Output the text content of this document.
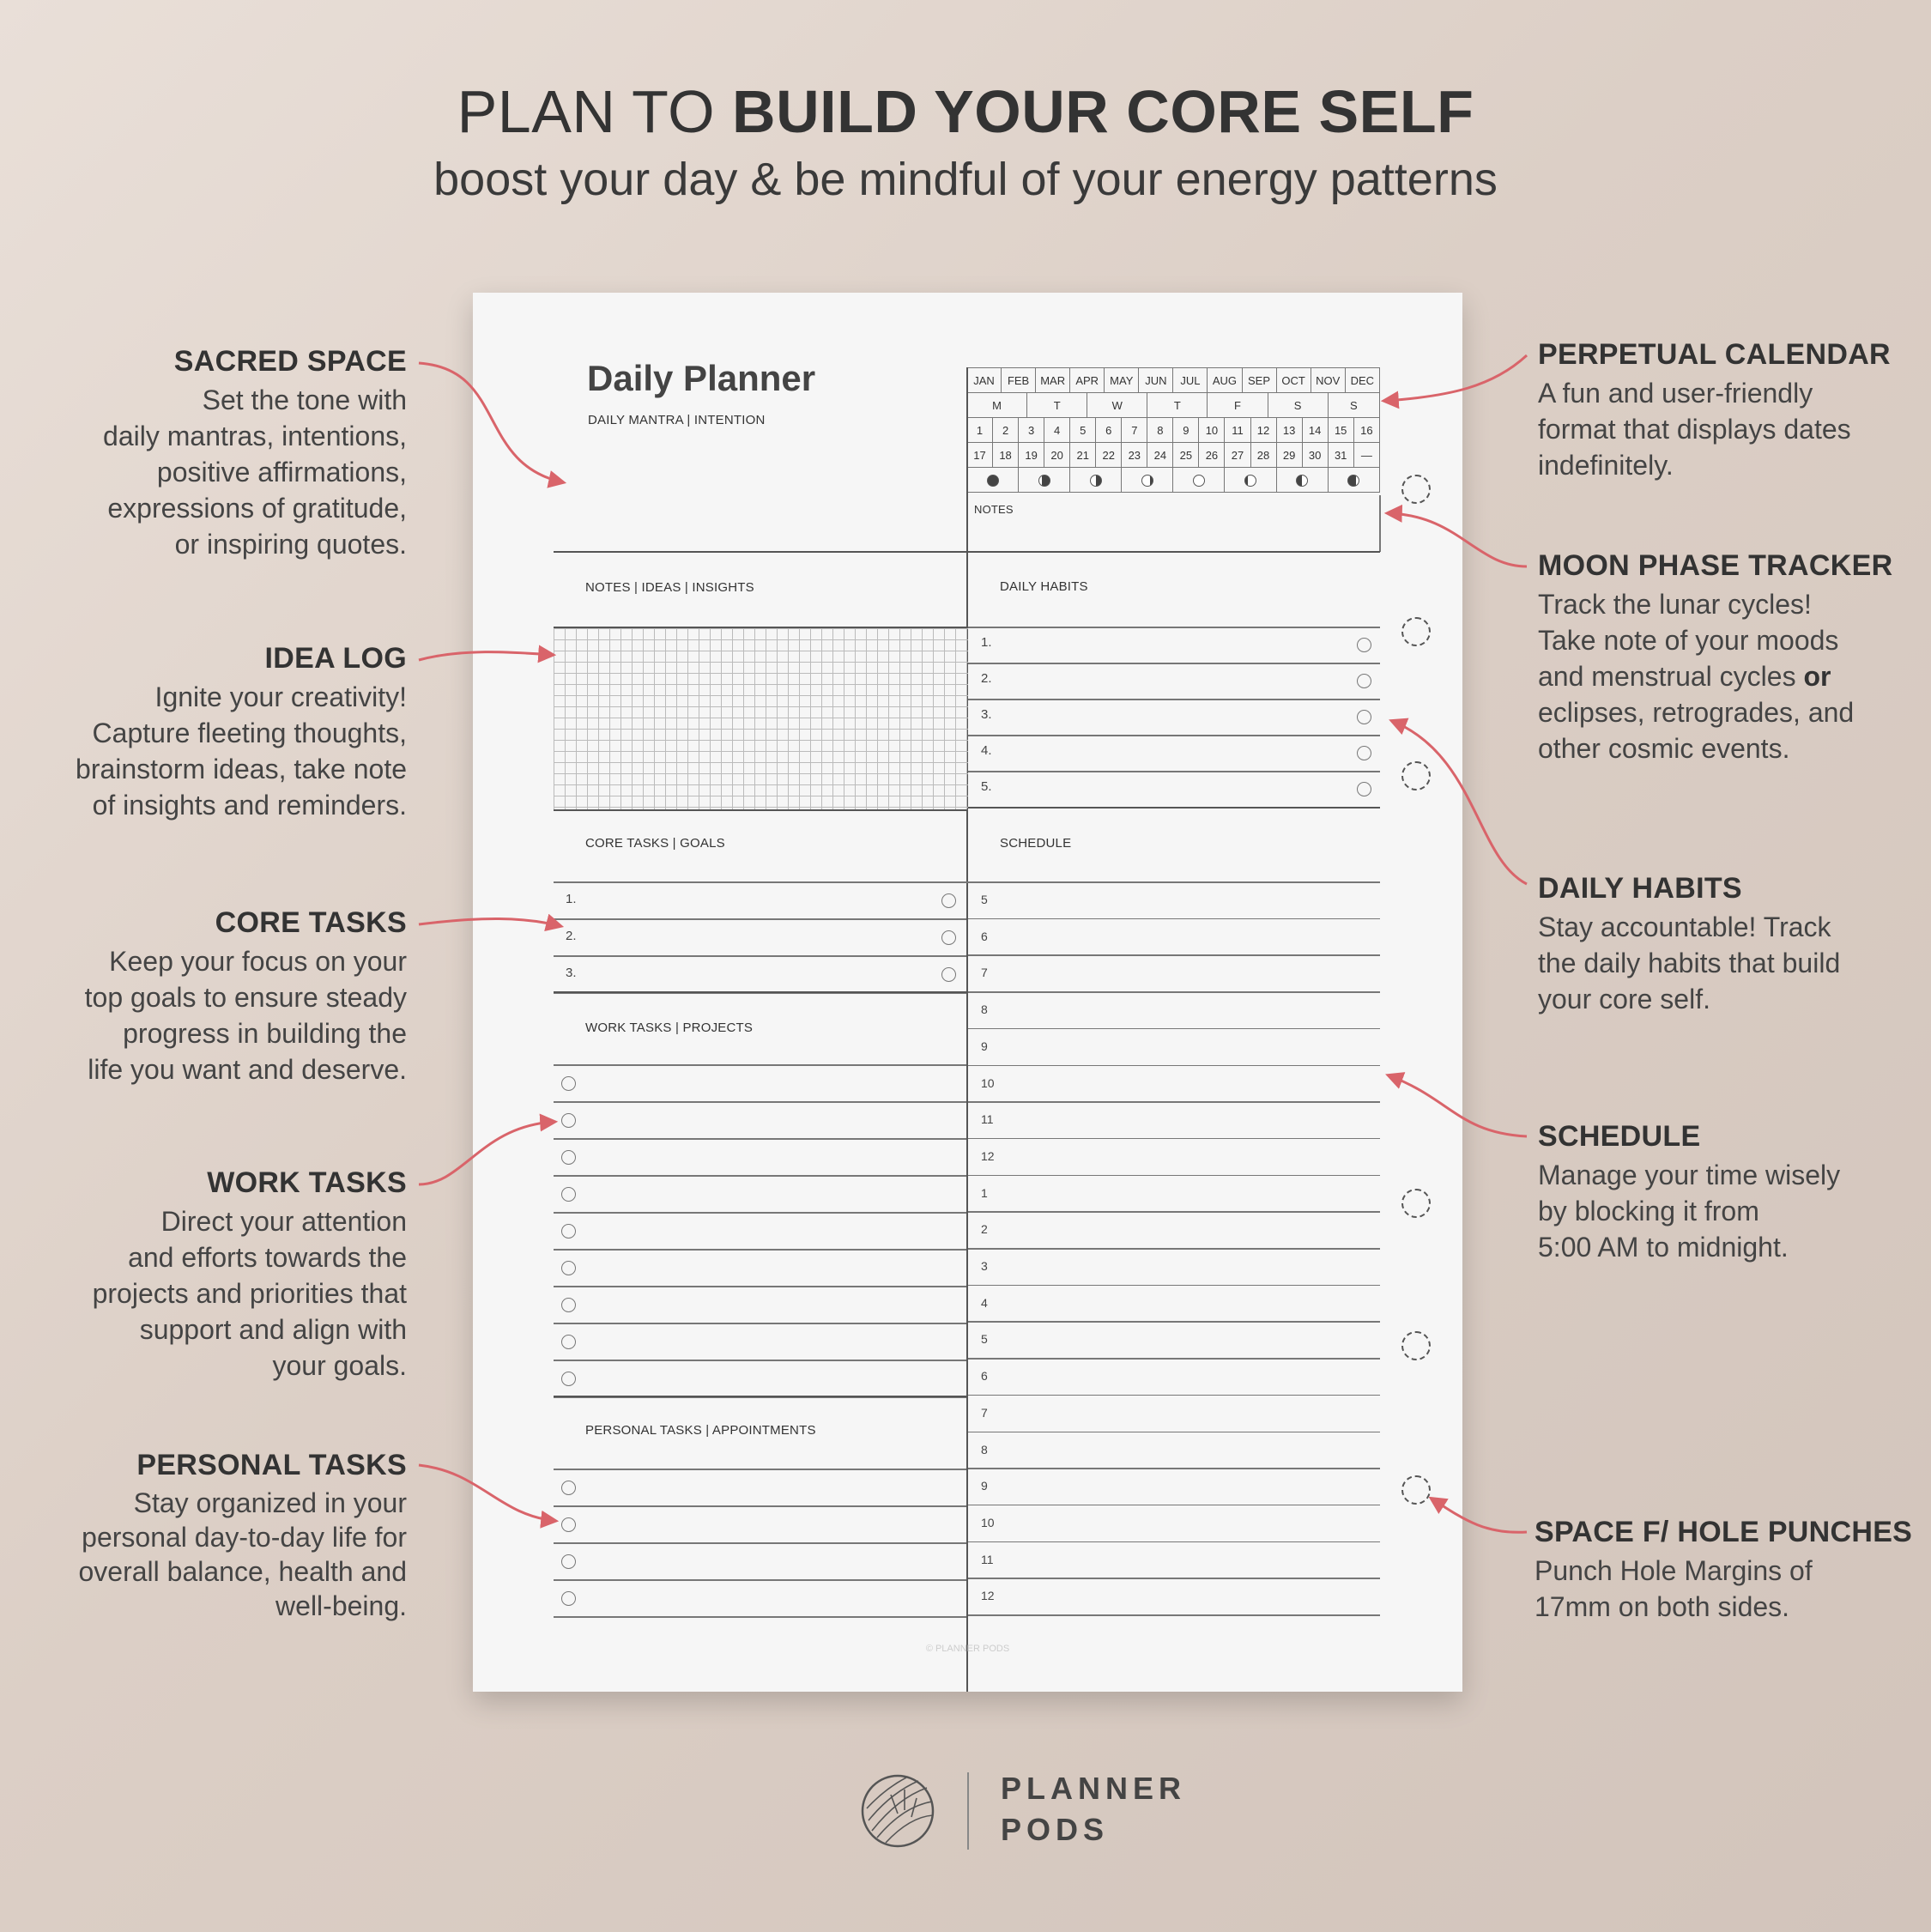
PLAN TO BUILD YOUR CORE SELF
boost your day & be mindful of your energy patterns
SACRED SPACE

Set the tone with
daily mantras, intentions,
positive affirmations,
expressions of gratitude,
or inspiring quotes.

IDEA LOG

Ignite your creativity!
Capture fleeting thoughts,
brainstorm ideas, take note
of insights and reminders.

CORE TASKS

Keep your focus on your
top goals to ensure steady
progress in building the
life you want and deserve.

WORK TASKS

Direct your attention
and efforts towards the
projects and priorities that
support and align with
your goals.

PERSONAL TASKS

Stay organized in your
personal day-to-day life for
overall balance, health and
well-being.

PERPETUAL CALENDAR

A fun and user-friendly
format that displays dates
indefinitely.

MOON PHASE TRACKER

Track the lunar cycles!
Take note of your moods
and menstrual cycles or
eclipses, retrogrades, and
other cosmic events.

DAILY HABITS

Stay accountable! Track
the daily habits that build
your core self.

SCHEDULE

Manage your time wisely
by blocking it from
5:00 AM to midnight.

SPACE F/ HOLE PUNCHES

Punch Hole Margins of
17mm on both sides.

Daily Planner
DAILY MANTRA | INTENTION
JAN		FEB			MAR		APR			MAY		JUN		JUL		AUG		SEP			OCT		NOV		DEC	
M				T				W					T			F				S				S		
1	2		3			4	5		6		7		8	9	10		11		12		13	14		15		16
17	18		19			20	21		22		23		24	25	26		27		28		29	30		31		—

NOTES
NOTES | IDEAS | INSIGHTS	DAILY HABITS
CORE TASKS | GOALS	SCHEDULE
WORK TASKS | PROJECTS
PERSONAL TASKS | APPOINTMENTS
© PLANNER PODS
1.
2.
3.
4.
5.
1.
2.
3.
5
6
7
8
9
10
11
12
1
2
3
4
5
6
7
8
9
10
11
12
PLANNER
PODS
